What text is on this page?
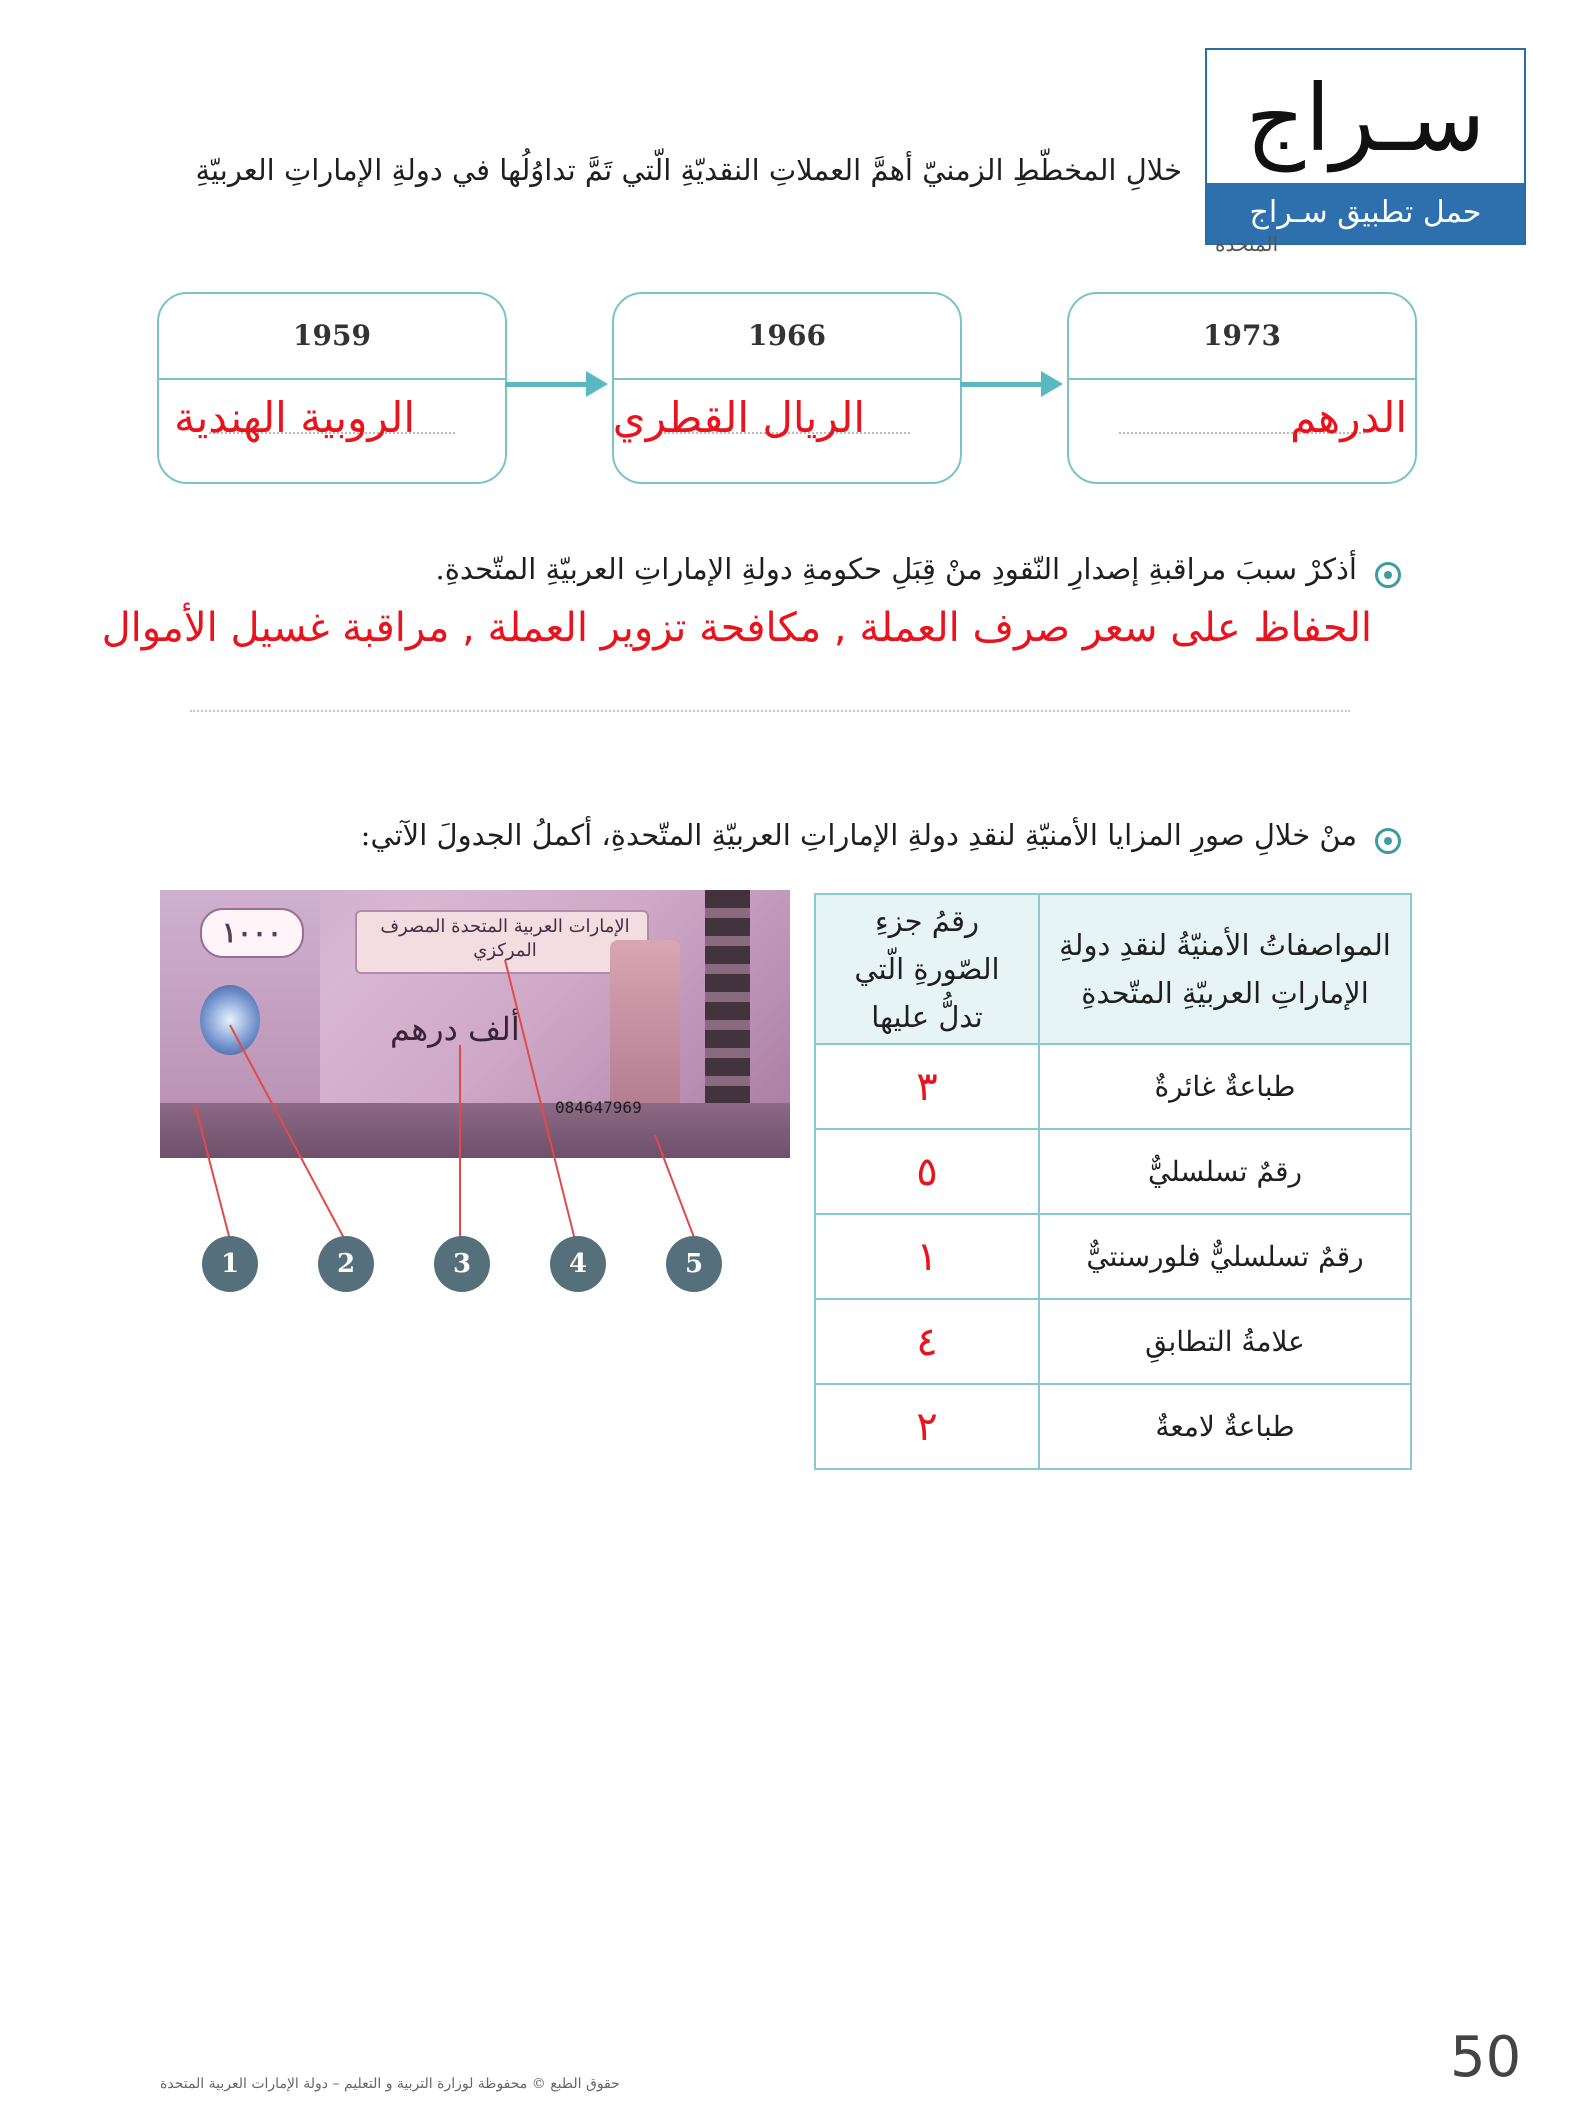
سـراج
حمل تطبيق سـراج
خلالِ المخطّطِ الزمنيّ أهمَّ العملاتِ النقديّةِ الّتي تَمَّ تداوُلُها في دولةِ الإماراتِ العربيّةِ
المتحدة
1959
الروبية الهندية
1966
الريال القطري
1973
الدرهم
أذكرْ سببَ مراقبةِ إصدارِ النّقودِ منْ قِبَلِ حكومةِ دولةِ الإماراتِ العربيّةِ المتّحدةِ.
الحفاظ على سعر صرف العملة , مكافحة تزوير العملة , مراقبة غسيل الأموال
منْ خلالِ صورِ المزايا الأمنيّةِ لنقدِ دولةِ الإماراتِ العربيّةِ المتّحدةِ، أكملُ الجدولَ الآتي:
١٠٠٠	الإمارات العربية المتحدة المصرف المركزي
ألف درهم
084647969
1	2	3	4	5
المواصفاتُ الأمنيّةُ لنقدِ دولةِ الإماراتِ العربيّةِ المتّحدةِ	رقمُ جزءِ الصّورةِ الّتي تدلُّ عليها
طباعةٌ غائرةٌ	٣
رقمٌ تسلسليٌّ	٥
رقمٌ تسلسليٌّ فلورسنتيٌّ	١
علامةُ التطابقِ	٤
طباعةٌ لامعةٌ	٢
حقوق الطبع © محفوظة لوزارة التربية و التعليم – دولة الإمارات العربية المتحدة	50
